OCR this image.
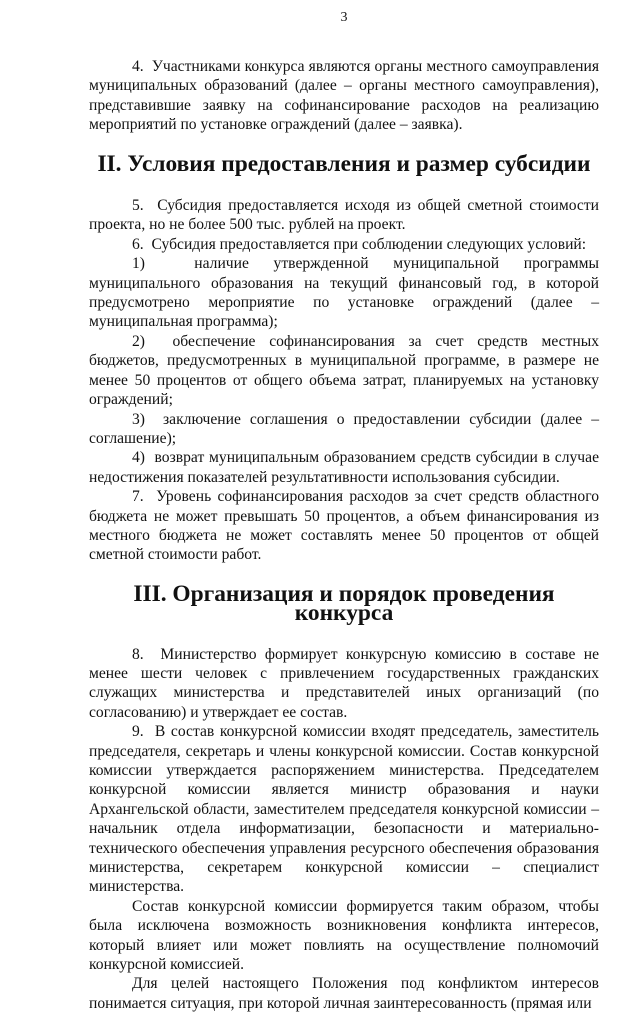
3

4.  Участниками конкурса являются органы местного самоуправления муниципальных образований (далее – органы местного самоуправления), представившие заявку на софинансирование расходов на реализацию мероприятий по установке ограждений (далее – заявка).

II. Условия предоставления и размер субсидии

5.  Субсидия предоставляется исходя из общей сметной стоимости проекта, но не более 500 тыс. рублей на проект.

6.  Субсидия предоставляется при соблюдении следующих условий:

1)  наличие утвержденной муниципальной программы муниципального образования на текущий финансовый год, в которой предусмотрено мероприятие по установке ограждений (далее – муниципальная программа);

2)  обеспечение софинансирования за счет средств местных бюджетов, предусмотренных в муниципальной программе, в размере не менее 50 процентов от общего объема затрат, планируемых на установку ограждений;

3)  заключение соглашения о предоставлении субсидии (далее – соглашение);

4)  возврат муниципальным образованием средств субсидии в случае недостижения показателей результативности использования субсидии.

7.  Уровень софинансирования расходов за счет средств областного бюджета не может превышать 50 процентов, а объем финансирования из местного бюджета не может составлять менее 50 процентов от общей сметной стоимости работ.

III. Организация и порядок проведения конкурса

8.  Министерство формирует конкурсную комиссию в составе не менее шести человек с привлечением государственных гражданских служащих министерства и представителей иных организаций (по согласованию) и утверждает ее состав.

9.  В состав конкурсной комиссии входят председатель, заместитель председателя, секретарь и члены конкурсной комиссии. Состав конкурсной комиссии утверждается распоряжением министерства. Председателем конкурсной комиссии является министр образования и науки Архангельской области, заместителем председателя конкурсной комиссии – начальник отдела информатизации, безопасности и материально-технического обеспечения управления ресурсного обеспечения образования министерства, секретарем конкурсной комиссии – специалист министерства.

Состав конкурсной комиссии формируется таким образом, чтобы была исключена возможность возникновения конфликта интересов, который влияет или может повлиять на осуществление полномочий конкурсной комиссией.

Для целей настоящего Положения под конфликтом интересов понимается ситуация, при которой личная заинтересованность (прямая или
